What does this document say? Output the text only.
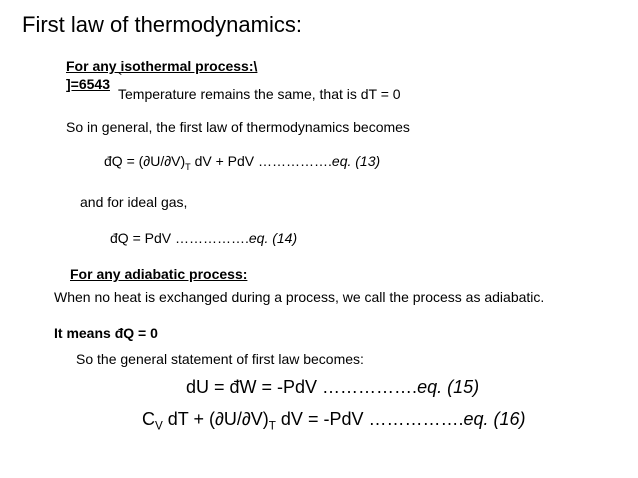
First law of thermodynamics:
For any isothermal process:\
]=6543 `
Temperature remains the same, that is dT = 0
So in general, the first law of thermodynamics becomes
đQ = $(\partial U/\partial V)_T$ dV + PdV …………….eq. (13)
and for ideal gas,
đQ = PdV …………….eq. (14)
For any adiabatic process:
When no heat is exchanged during a process, we call the process as adiabatic.
It means đQ = 0
So the general statement of first law becomes:
dU = đW = -PdV …………….eq. (15)
$C_V$ dT + $(\partial U/\partial V)_T$ dV = -PdV …………….eq. (16)
